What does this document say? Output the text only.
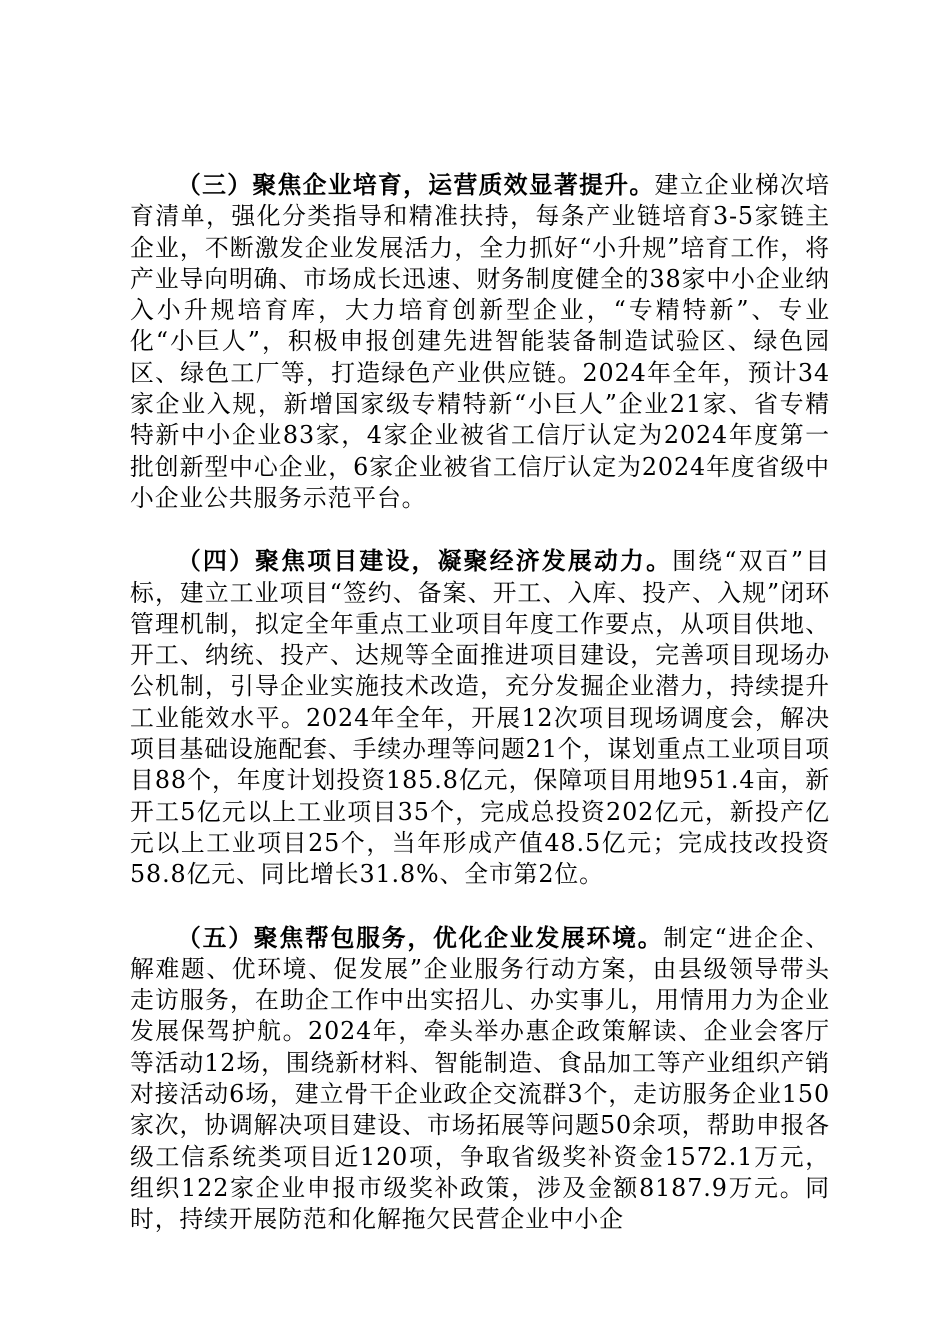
（三）聚焦企业培育，运营质效显著提升。建立企业梯次培育清单，强化分类指导和精准扶持，每条产业链培育3-5家链主企业，不断激发企业发展活力，全力抓好“小升规”培育工作，将产业导向明确、市场成长迅速、财务制度健全的38家中小企业纳入小升规培育库，大力培育创新型企业，“专精特新”、专业化“小巨人”，积极申报创建先进智能装备制造试验区、绿色园区、绿色工厂等，打造绿色产业供应链。2024年全年，预计34家企业入规，新增国家级专精特新“小巨人”企业21家、省专精特新中小企业83家，4家企业被省工信厅认定为2024年度第一批创新型中心企业，6家企业被省工信厅认定为2024年度省级中小企业公共服务示范平台。

（四）聚焦项目建设，凝聚经济发展动力。围绕“双百”目标，建立工业项目“签约、备案、开工、入库、投产、入规”闭环管理机制，拟定全年重点工业项目年度工作要点，从项目供地、开工、纳统、投产、达规等全面推进项目建设，完善项目现场办公机制，引导企业实施技术改造，充分发掘企业潜力，持续提升工业能效水平。2024年全年，开展12次项目现场调度会，解决项目基础设施配套、手续办理等问题21个，谋划重点工业项目项目88个，年度计划投资185.8亿元，保障项目用地951.4亩，新开工5亿元以上工业项目35个，完成总投资202亿元，新投产亿元以上工业项目25个，当年形成产值48.5亿元；完成技改投资58.8亿元、同比增长31.8%、全市第2位。

（五）聚焦帮包服务，优化企业发展环境。制定“进企企、解难题、优环境、促发展”企业服务行动方案，由县级领导带头走访服务，在助企工作中出实招儿、办实事儿，用情用力为企业发展保驾护航。2024年，牵头举办惠企政策解读、企业会客厅等活动12场，围绕新材料、智能制造、食品加工等产业组织产销对接活动6场，建立骨干企业政企交流群3个，走访服务企业150家次，协调解决项目建设、市场拓展等问题50余项，帮助申报各级工信系统类项目近120项，争取省级奖补资金1572.1万元，组织122家企业申报市级奖补政策，涉及金额8187.9万元。同时，持续开展防范和化解拖欠民营企业中小企
